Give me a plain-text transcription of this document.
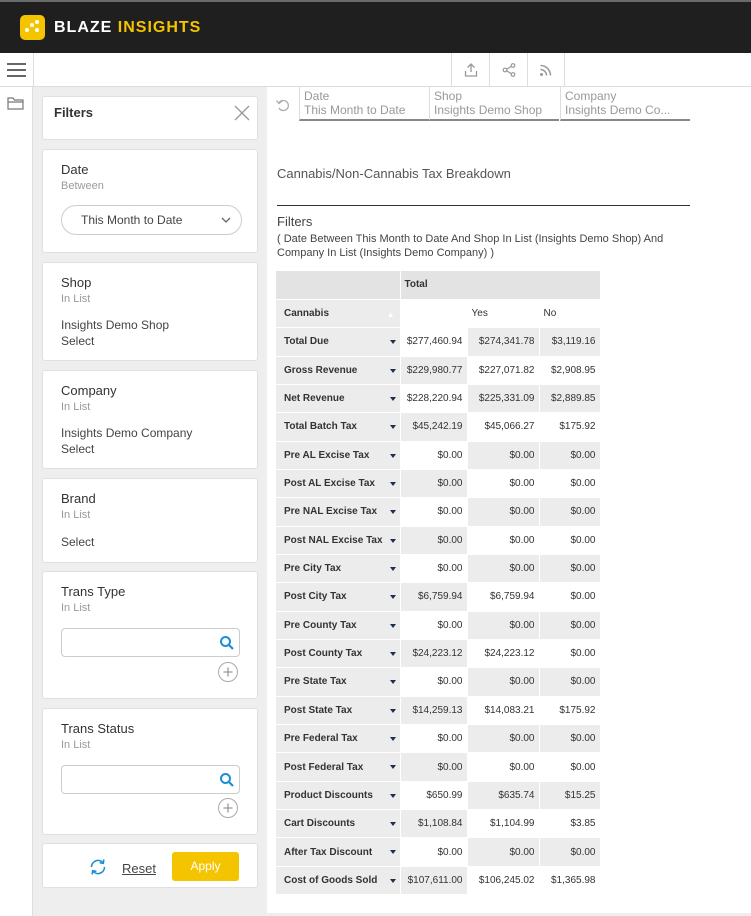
BLAZE INSIGHTS
Filters
Date
Between
This Month to Date
Shop
In List
Insights Demo Shop
Select
Company
In List
Insights Demo Company
Select
Brand
In List
Select
Trans Type
In List
Trans Status
In List
Reset	Apply
Date
This Month to Date
Shop
Insights Demo Shop
Company
Insights Demo Co...
Cannabis/Non-Cannabis Tax Breakdown
Filters
( Date Between This Month to Date And Shop In List (Insights Demo Shop) And Company In List (Insights Demo Company) )
	Total		
Cannabis ▲		Yes	No
Total Due	$277,460.94	$274,341.78	$3,119.16
Gross Revenue	$229,980.77	$227,071.82	$2,908.95
Net Revenue	$228,220.94	$225,331.09	$2,889.85
Total Batch Tax	$45,242.19	$45,066.27	$175.92
Pre AL Excise Tax	$0.00	$0.00	$0.00
Post AL Excise Tax	$0.00	$0.00	$0.00
Pre NAL Excise Tax	$0.00	$0.00	$0.00
Post NAL Excise Tax	$0.00	$0.00	$0.00
Pre City Tax	$0.00	$0.00	$0.00
Post City Tax	$6,759.94	$6,759.94	$0.00
Pre County Tax	$0.00	$0.00	$0.00
Post County Tax	$24,223.12	$24,223.12	$0.00
Pre State Tax	$0.00	$0.00	$0.00
Post State Tax	$14,259.13	$14,083.21	$175.92
Pre Federal Tax	$0.00	$0.00	$0.00
Post Federal Tax	$0.00	$0.00	$0.00
Product Discounts	$650.99	$635.74	$15.25
Cart Discounts	$1,108.84	$1,104.99	$3.85
After Tax Discount	$0.00	$0.00	$0.00
Cost of Goods Sold	$107,611.00	$106,245.02	$1,365.98
